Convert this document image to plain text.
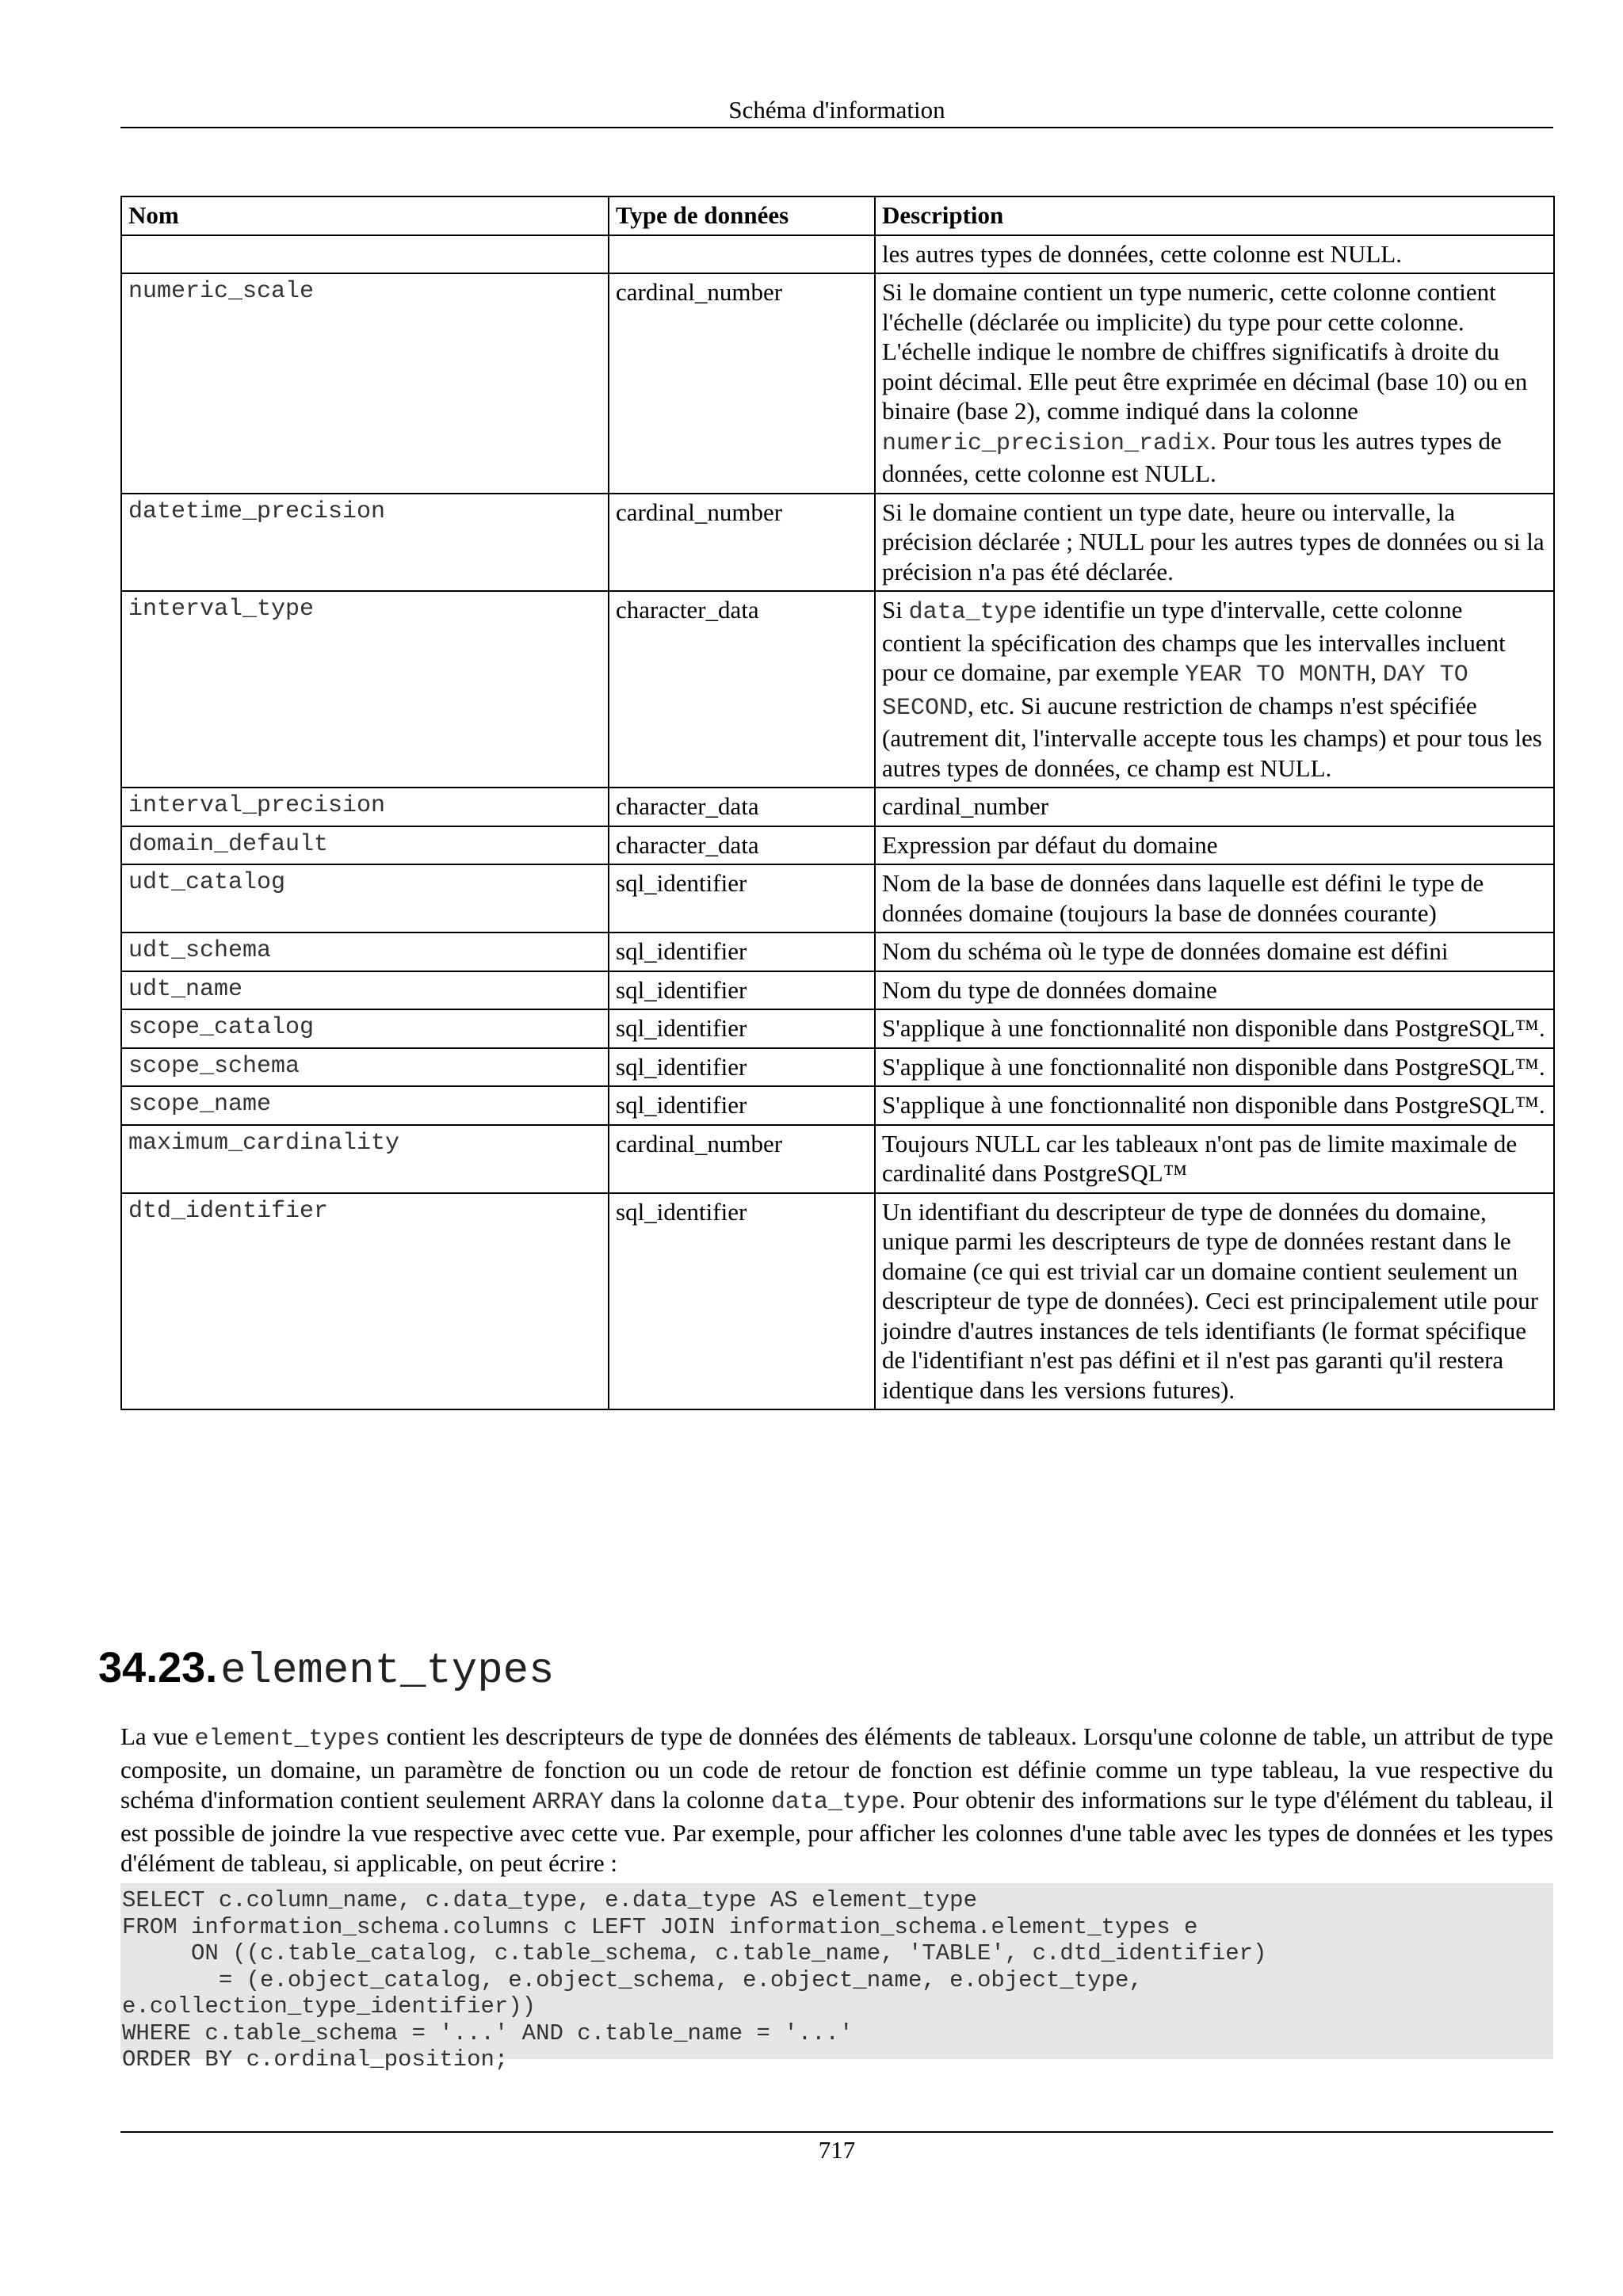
Schéma d'information
Nom	Type de données	Description
		les autres types de données, cette colonne est NULL.
numeric_scale	cardinal_number	Si le domaine contient un type numeric, cette colonne contient l'échelle (déclarée ou implicite) du type pour cette colonne. L'échelle indique le nombre de chiffres significatifs à droite du point décimal. Elle peut être exprimée en décimal (base 10) ou en binaire (base 2), comme indiqué dans la colonne numeric_precision_radix. Pour tous les autres types de données, cette colonne est NULL.
datetime_precision	cardinal_number	Si le domaine contient un type date, heure ou intervalle, la précision déclarée ; NULL pour les autres types de données ou si la précision n'a pas été déclarée.
interval_type	character_data	Si data_type identifie un type d'intervalle, cette colonne contient la spécification des champs que les intervalles incluent pour ce domaine, par exemple YEAR TO MONTH, DAY TO SECOND, etc. Si aucune restriction de champs n'est spécifiée (autrement dit, l'intervalle accepte tous les champs) et pour tous les autres types de données, ce champ est NULL.
interval_precision	character_data	cardinal_number
domain_default	character_data	Expression par défaut du domaine
udt_catalog	sql_identifier	Nom de la base de données dans laquelle est défini le type de données domaine (toujours la base de données courante)
udt_schema	sql_identifier	Nom du schéma où le type de données domaine est défini
udt_name	sql_identifier	Nom du type de données domaine
scope_catalog	sql_identifier	S'applique à une fonctionnalité non disponible dans PostgreSQL™.
scope_schema	sql_identifier	S'applique à une fonctionnalité non disponible dans PostgreSQL™.
scope_name	sql_identifier	S'applique à une fonctionnalité non disponible dans PostgreSQL™.
maximum_cardinality	cardinal_number	Toujours NULL car les tableaux n'ont pas de limite maximale de cardinalité dans PostgreSQL™
dtd_identifier	sql_identifier	Un identifiant du descripteur de type de données du domaine, unique parmi les descripteurs de type de données restant dans le domaine (ce qui est trivial car un domaine contient seulement un descripteur de type de données). Ceci est principalement utile pour joindre d'autres instances de tels identifiants (le format spécifique de l'identifiant n'est pas défini et il n'est pas garanti qu'il restera identique dans les versions futures).
34.23. element_types
La vue element_types contient les descripteurs de type de données des éléments de tableaux. Lorsqu'une colonne de table, un attribut de type composite, un domaine, un paramètre de fonction ou un code de retour de fonction est définie comme un type tableau, la vue respective du schéma d'information contient seulement ARRAY dans la colonne data_type. Pour obtenir des informations sur le type d'élément du tableau, il est possible de joindre la vue respective avec cette vue. Par exemple, pour afficher les colonnes d'une table avec les types de données et les types d'élément de tableau, si applicable, on peut écrire :
SELECT c.column_name, c.data_type, e.data_type AS element_type
FROM information_schema.columns c LEFT JOIN information_schema.element_types e
ON ((c.table_catalog, c.table_schema, c.table_name, 'TABLE', c.dtd_identifier)
= (e.object_catalog, e.object_schema, e.object_name, e.object_type,
e.collection_type_identifier))
WHERE c.table_schema = '...' AND c.table_name = '...'
ORDER BY c.ordinal_position;
717
